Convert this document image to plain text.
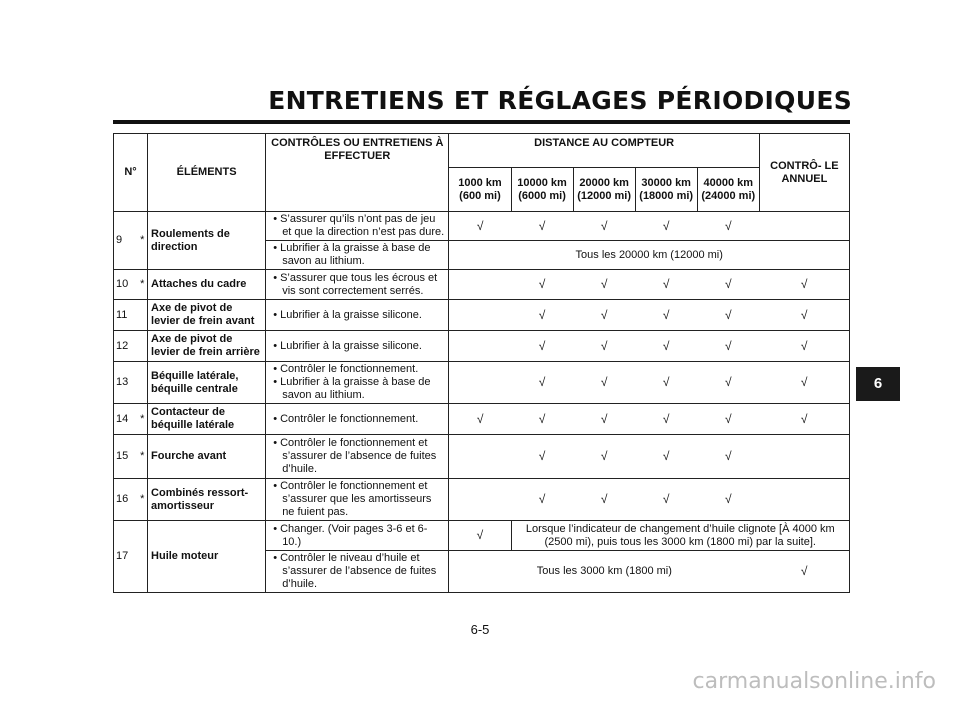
ENTRETIENS ET RÉGLAGES PÉRIODIQUES
N°		ÉLÉMENTS	CONTRÔLES OU ENTRETIENS À EFFECTUER	DISTANCE AU COMPTEUR					CONTRÔ- LE ANNUEL
				1000 km (600 mi)	10000 km (6000 mi)	20000 km (12000 mi)	30000 km (18000 mi)	40000 km (24000 mi)	
9	*	Roulements de direction	• S’assurer qu’ils n’ont pas de jeu et que la direction n’est pas dure.	√	√	√	√	√	

			• Lubrifier à la graisse à base de savon au lithium.	Tous les 20000 km (12000 mi)					
10	*	Attaches du cadre	• S’assurer que tous les écrous et vis sont correctement serrés.		√	√	√	√	√
11		Axe de pivot de levier de frein avant	• Lubrifier à la graisse silicone.		√	√	√	√	√
12		Axe de pivot de levier de frein arrière	• Lubrifier à la graisse silicone.		√	√	√	√	√
13		Béquille latérale, béquille centrale	• Contrôler le fonctionnement.
• Lubrifier à la graisse à base de savon au lithium.		√	√	√	√	√
14	*	Contacteur de béquille latérale	• Contrôler le fonctionnement.	√	√	√	√	√	√
15	*	Fourche avant	• Contrôler le fonctionnement et s’assurer de l’absence de fuites d’huile.		√	√	√	√	
16	*	Combinés ressort-amortisseur	• Contrôler le fonctionnement et s’assurer que les amortisseurs ne fuient pas.		√	√	√	√	
17		Huile moteur	• Changer. (Voir pages 3-6 et 6-10.)	√	Lorsque l’indicateur de changement d’huile clignote [À 4000 km (2500 mi), puis tous les 3000 km (1800 mi) par la suite].				

			• Contrôler le niveau d’huile et s’assurer de l’absence de fuites d’huile.	Tous les 3000 km (1800 mi)					√
6
6-5
carmanualsonline.info
